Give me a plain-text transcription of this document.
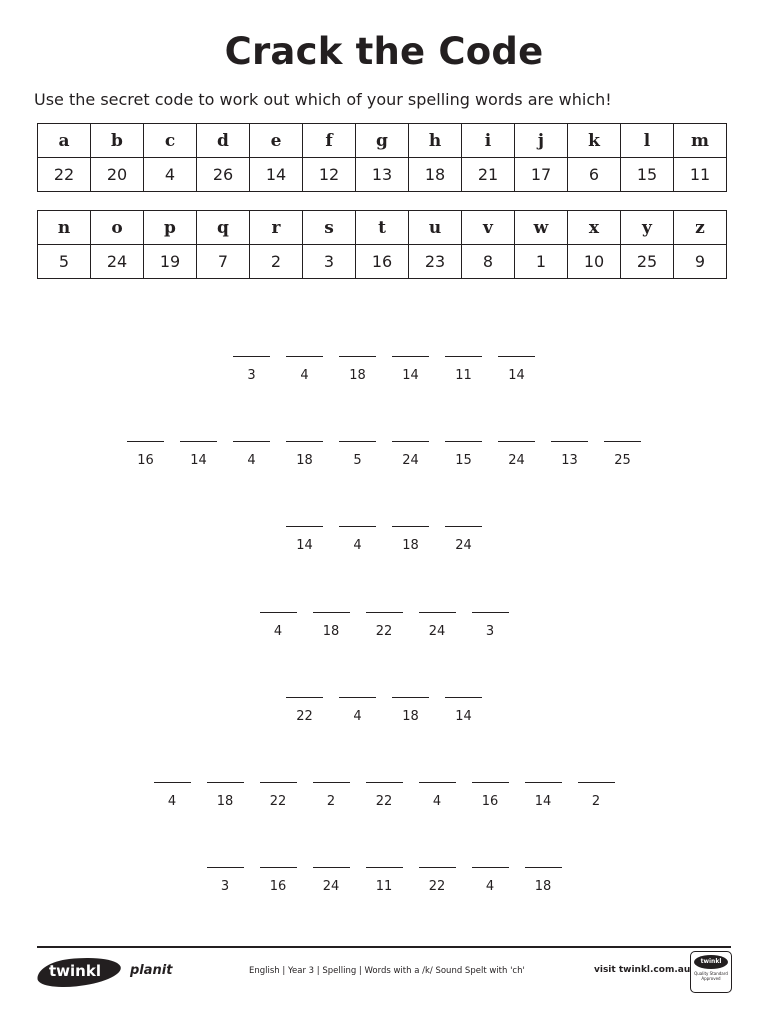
Crack the Code
Use the secret code to work out which of your spelling words are which!
a	b	c	d	e	f	g	h	i	j	k	l	m
22	20	4	26	14	12	13	18	21	17	6	15	11
n	o	p	q	r	s	t	u	v	w	x	y	z
5	24	19	7	2	3	16	23	8	1	10	25	9
3	4	18	14	11	14
16	14	4	18	5	24	15	24	13	25
14	4	18	24
4	18	22	24	3
22	4	18	14
4	18	22	2	22	4	16	14	2
3	16	24	11	22	4	18
twinkl planit	English | Year 3 | Spelling | Words with a /k/ Sound Spelt with 'ch'	visit twinkl.com.au
twinkl
Quality Standard Approved
